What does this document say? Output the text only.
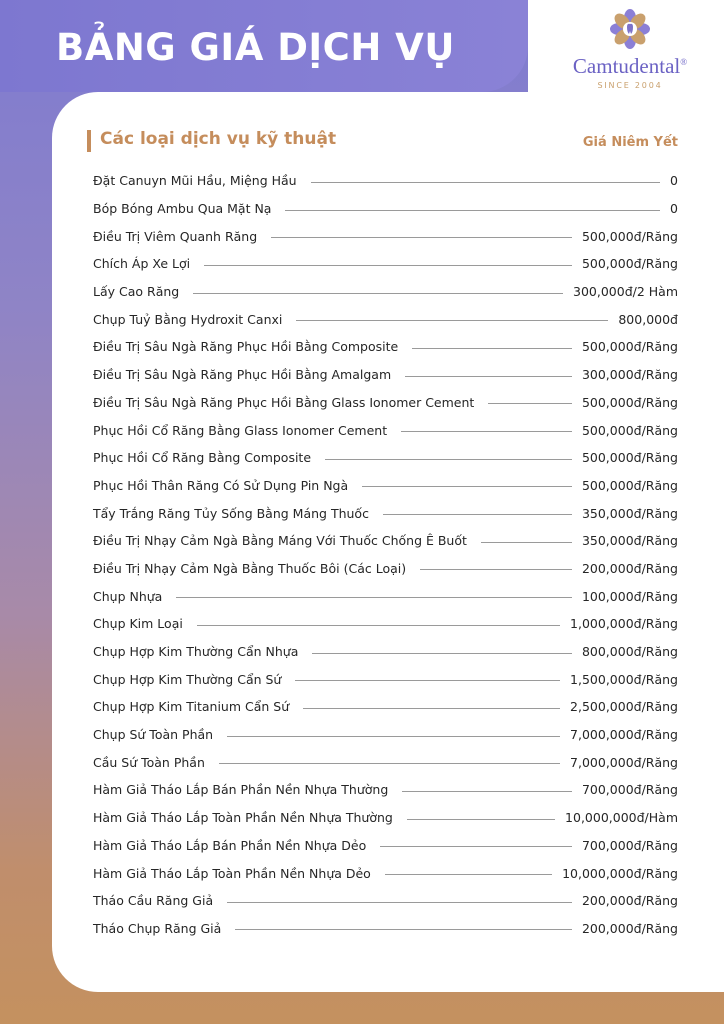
BẢNG GIÁ DỊCH VỤ	Camtudental®
SINCE 2004
Các loại dịch vụ kỹ thuật	Giá Niêm Yết
Đặt Canuyn Mũi Hầu, Miệng Hầu	0
Bóp Bóng Ambu Qua Mặt Nạ	0
Điều Trị Viêm Quanh Răng	500,000đ/Răng
Chích Áp Xe Lợi	500,000đ/Răng
Lấy Cao Răng	300,000đ/2 Hàm
Chụp Tuỷ Bằng Hydroxit Canxi	800,000đ
Điều Trị Sâu Ngà Răng Phục Hồi Bằng Composite	500,000đ/Răng
Điều Trị Sâu Ngà Răng Phục Hồi Bằng Amalgam	300,000đ/Răng
Điều Trị Sâu Ngà Răng Phục Hồi Bằng Glass Ionomer Cement	500,000đ/Răng
Phục Hồi Cổ Răng Bằng Glass Ionomer Cement	500,000đ/Răng
Phục Hồi Cổ Răng Bằng Composite	500,000đ/Răng
Phục Hồi Thân Răng Có Sử Dụng Pin Ngà	500,000đ/Răng
Tẩy Trắng Răng Tủy Sống Bằng Máng Thuốc	350,000đ/Răng
Điều Trị Nhạy Cảm Ngà Bằng Máng Với Thuốc Chống Ê Buốt	350,000đ/Răng
Điều Trị Nhạy Cảm Ngà Bằng Thuốc Bôi (Các Loại)	200,000đ/Răng
Chụp Nhựa	100,000đ/Răng
Chụp Kim Loại	1,000,000đ/Răng
Chụp Hợp Kim Thường Cẩn Nhựa	800,000đ/Răng
Chụp Hợp Kim Thường Cẩn Sứ	1,500,000đ/Răng
Chụp Hợp Kim Titanium Cẩn Sứ	2,500,000đ/Răng
Chụp Sứ Toàn Phần	7,000,000đ/Răng
Cầu Sứ Toàn Phần	7,000,000đ/Răng
Hàm Giả Tháo Lắp Bán Phần Nền Nhựa Thường	700,000đ/Răng
Hàm Giả Tháo Lắp Toàn Phần Nền Nhựa Thường	10,000,000đ/Hàm
Hàm Giả Tháo Lắp Bán Phần Nền Nhựa Dẻo	700,000đ/Răng
Hàm Giả Tháo Lắp Toàn Phần Nền Nhựa Dẻo	10,000,000đ/Răng
Tháo Cầu Răng Giả	200,000đ/Răng
Tháo Chụp Răng Giả	200,000đ/Răng
